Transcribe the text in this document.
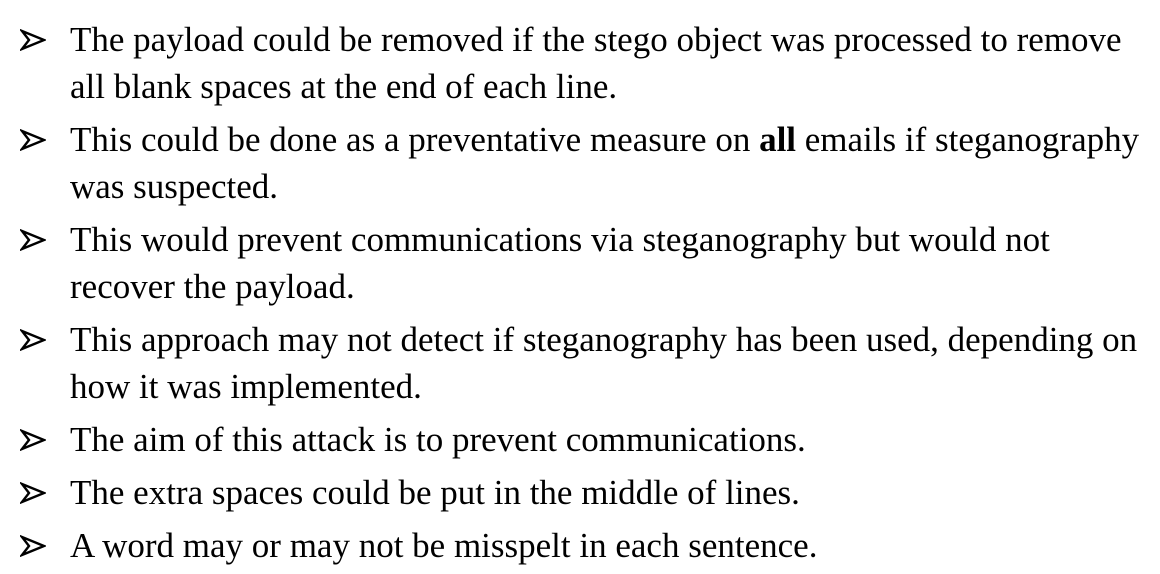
The payload could be removed if the stego object was processed to remove all blank spaces at the end of each line.
This could be done as a preventative measure on all emails if steganography was suspected.
This would prevent communications via steganography but would not recover the payload.
This approach may not detect if steganography has been used, depending on how it was implemented.
The aim of this attack is to prevent communications.
The extra spaces could be put in the middle of lines.
A word may or may not be misspelt in each sentence.
